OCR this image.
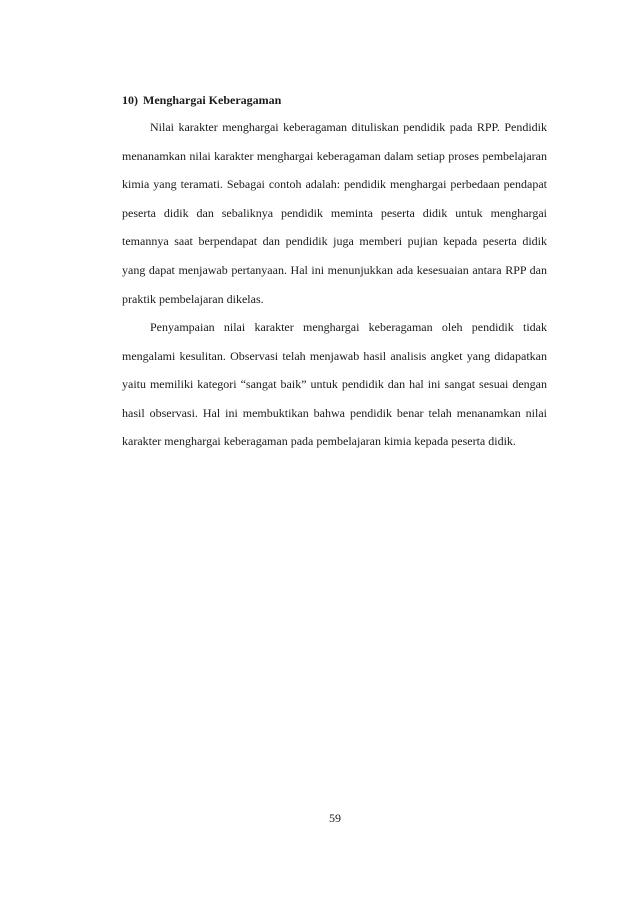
10) Menghargai Keberagaman

Nilai karakter menghargai keberagaman dituliskan pendidik pada RPP. Pendidik menanamkan nilai karakter menghargai keberagaman dalam setiap proses pembelajaran kimia yang teramati. Sebagai contoh adalah: pendidik menghargai perbedaan pendapat peserta didik dan sebaliknya pendidik meminta peserta didik untuk menghargai temannya saat berpendapat dan pendidik juga memberi pujian kepada peserta didik yang dapat menjawab pertanyaan. Hal ini menunjukkan ada kesesuaian antara RPP dan praktik pembelajaran dikelas.

Penyampaian nilai karakter menghargai keberagaman oleh pendidik tidak mengalami kesulitan. Observasi telah menjawab hasil analisis angket yang didapatkan yaitu memiliki kategori “sangat baik” untuk pendidik dan hal ini sangat sesuai dengan hasil observasi. Hal ini membuktikan bahwa pendidik benar telah menanamkan nilai karakter menghargai keberagaman pada pembelajaran kimia kepada peserta didik.

59
